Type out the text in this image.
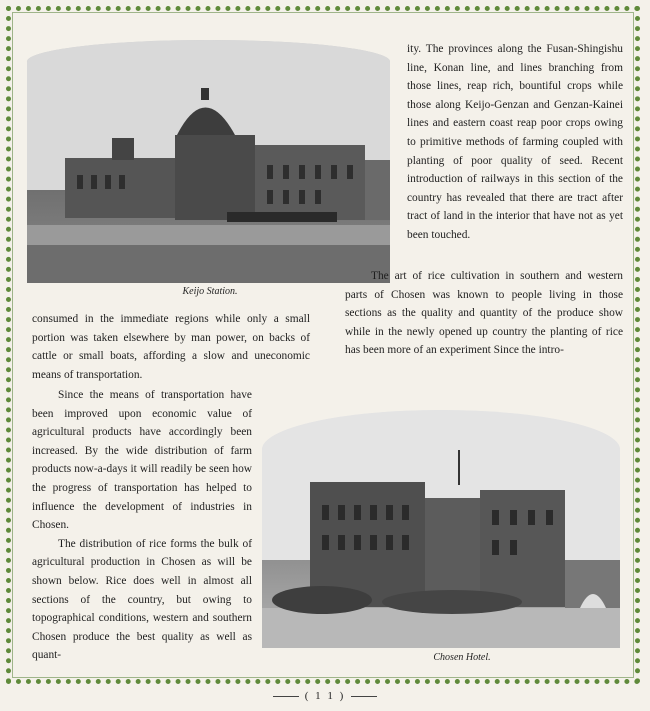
Keijo Station.

ity. The provinces along the Fusan-Shingishu line, Konan line, and lines branching from those lines, reap rich, bountiful crops while those along Keijo-Genzan and Genzan-Kainei lines and eastern coast reap poor crops owing to primitive methods of farming coupled with planting of poor quality of seed. Recent introduction of railways in this section of the country has revealed that there are tract after tract of land in the interior that have not as yet been touched.

The art of rice cultivation in southern and western parts of Chosen was known to people living in those sections as the quality and quantity of the produce show while in the newly opened up country the planting of rice has been more of an experiment Since the intro-

consumed in the immediate regions while only a small portion was taken elsewhere by man power, on backs of cattle or small boats, affording a slow and uneconomic means of transportation.

Since the means of transportation have been improved upon economic value of agricultural products have accordingly been increased. By the wide distribution of farm products now-a-days it will readily be seen how the progress of transportation has helped to influence the development of industries in Chosen.

The distribution of rice forms the bulk of agricultural production in Chosen as will be shown below. Rice does well in almost all sections of the country, but owing to topographical conditions, western and southern Chosen produce the best quality as well as quant-	Chosen Hotel.
( 1 1 )
